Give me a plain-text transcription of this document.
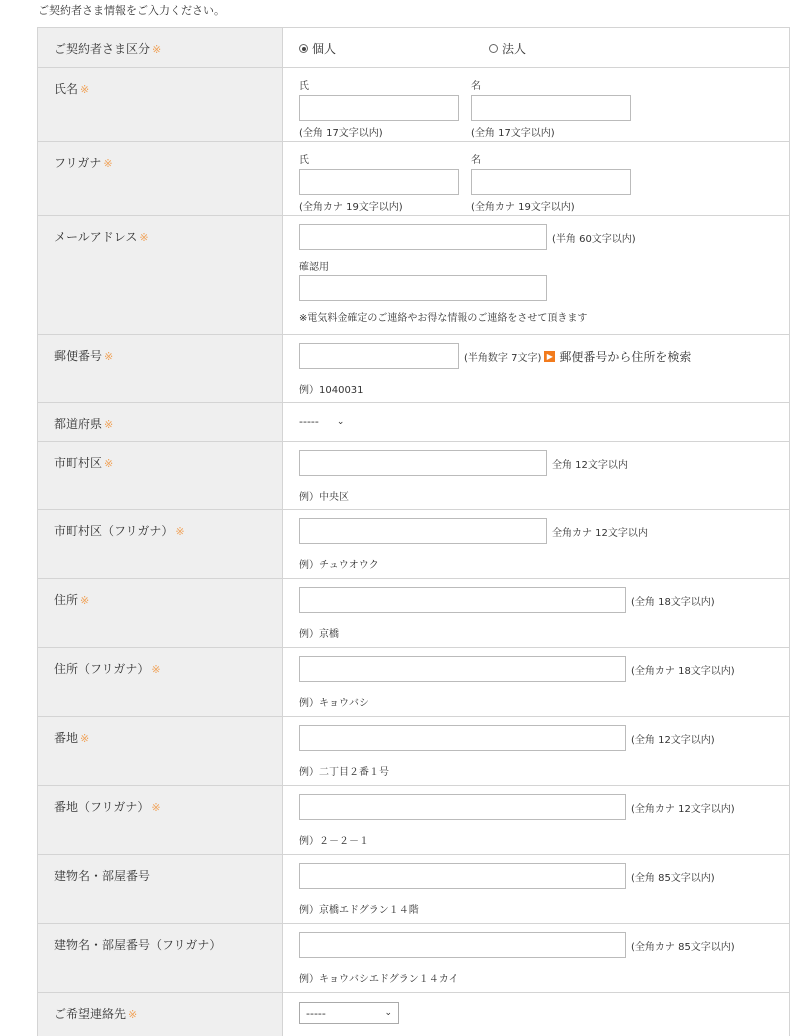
ご契約者さま情報をご入力ください。
ご契約者さま区分 ※	個人	法人
氏名 ※	氏
(全角 17文字以内)
名
(全角 17文字以内)
フリガナ ※	氏
(全角カナ 19文字以内)
名
(全角カナ 19文字以内)
メールアドレス ※	(半角 60文字以内)
確認用
※電気料金確定のご連絡やお得な情報のご連絡をさせて頂きます
郵便番号 ※	(半角数字 7文字) ▶ 郵便番号から住所を検索
例）1040031
都道府県 ※	----- ⌄
市町村区 ※	全角 12文字以内
例）中央区
市町村区（フリガナ） ※	全角カナ 12文字以内
例）チュウオウク
住所 ※	(全角 18文字以内)
例）京橋
住所（フリガナ） ※	(全角カナ 18文字以内)
例）キョウバシ
番地 ※	(全角 12文字以内)
例）二丁目２番１号
番地（フリガナ） ※	(全角カナ 12文字以内)
例）２－２－１
建物名・部屋番号	(全角 85文字以内)
例）京橋エドグラン１４階
建物名・部屋番号（フリガナ）	(全角カナ 85文字以内)
例）キョウバシエドグラン１４カイ
ご希望連絡先 ※	-----	⌄
